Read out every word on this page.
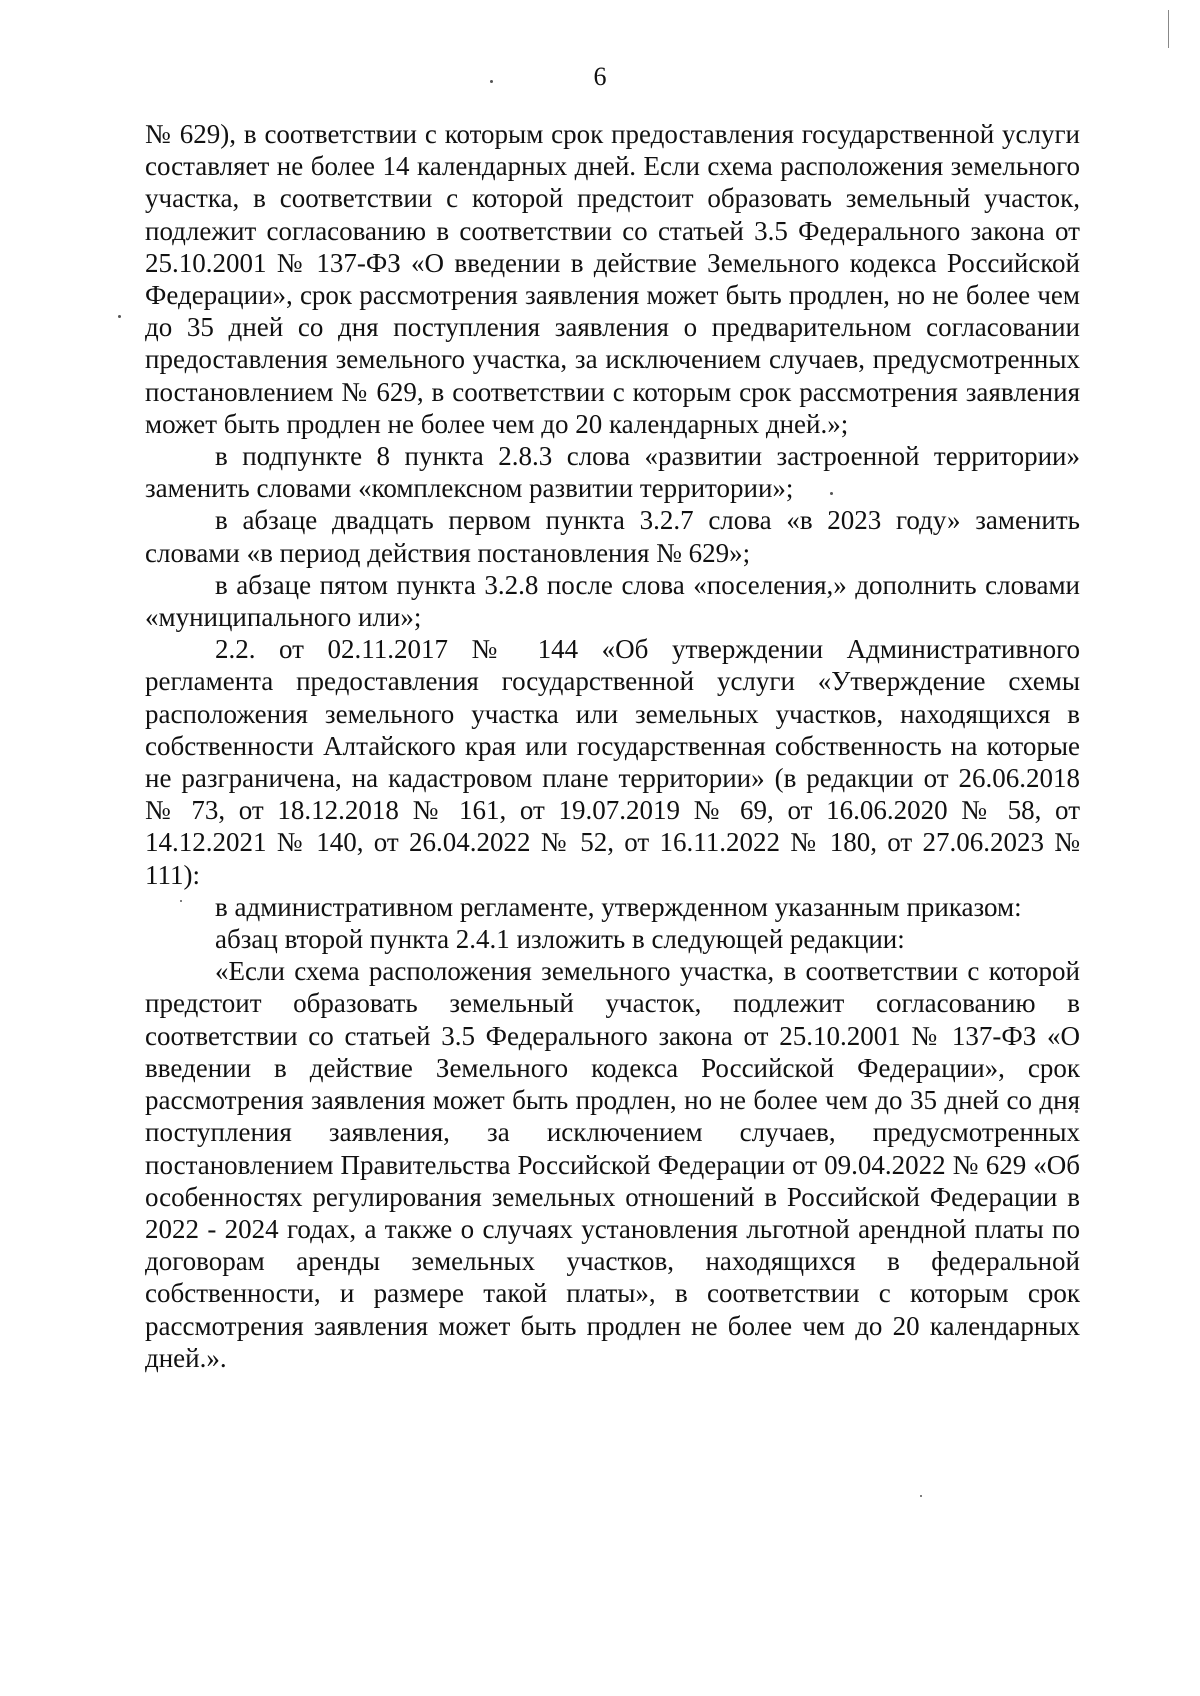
6

№ 629), в соответствии с которым срок предоставления государственной услуги составляет не более 14 календарных дней. Если схема расположения земельного участка, в соответствии с которой предстоит образовать земельный участок, подлежит согласованию в соответствии со статьей 3.5 Федерального закона от 25.10.2001 № 137-ФЗ «О введении в действие Земельного кодекса Российской Федерации», срок рассмотрения заявления может быть продлен, но не более чем до 35 дней со дня поступления заявления о предварительном согласовании предоставления земельного участка, за исключением случаев, предусмотренных постановлением № 629, в соответствии с которым срок рассмотрения заявления может быть продлен не более чем до 20 календарных дней.»;

в подпункте 8 пункта 2.8.3 слова «развитии застроенной территории» заменить словами «комплексном развитии территории»;

в абзаце двадцать первом пункта 3.2.7 слова «в 2023 году» заменить словами «в период действия постановления № 629»;

в абзаце пятом пункта 3.2.8 после слова «поселения,» дополнить словами «муниципального или»;

2.2. от 02.11.2017 № 144 «Об утверждении Административного регламента предоставления государственной услуги «Утверждение схемы расположения земельного участка или земельных участков, находящихся в собственности Алтайского края или государственная собственность на которые не разграничена, на кадастровом плане территории» (в редакции от 26.06.2018 № 73, от 18.12.2018 № 161, от 19.07.2019 № 69, от 16.06.2020 № 58, от 14.12.2021 № 140, от 26.04.2022 № 52, от 16.11.2022 № 180, от 27.06.2023 № 111):

в административном регламенте, утвержденном указанным приказом:

абзац второй пункта 2.4.1 изложить в следующей редакции:

«Если схема расположения земельного участка, в соответствии с которой предстоит образовать земельный участок, подлежит согласованию в соответствии со статьей 3.5 Федерального закона от 25.10.2001 № 137-ФЗ «О введении в действие Земельного кодекса Российской Федерации», срок рассмотрения заявления может быть продлен, но не более чем до 35 дней со дня поступления заявления, за исключением случаев, предусмотренных постановлением Правительства Российской Федерации от 09.04.2022 № 629 «Об особенностях регулирования земельных отношений в Российской Федерации в 2022 - 2024 годах, а также о случаях установления льготной арендной платы по договорам аренды земельных участков, находящихся в федеральной собственности, и размере такой платы», в соответствии с которым срок рассмотрения заявления может быть продлен не более чем до 20 календарных дней.».
